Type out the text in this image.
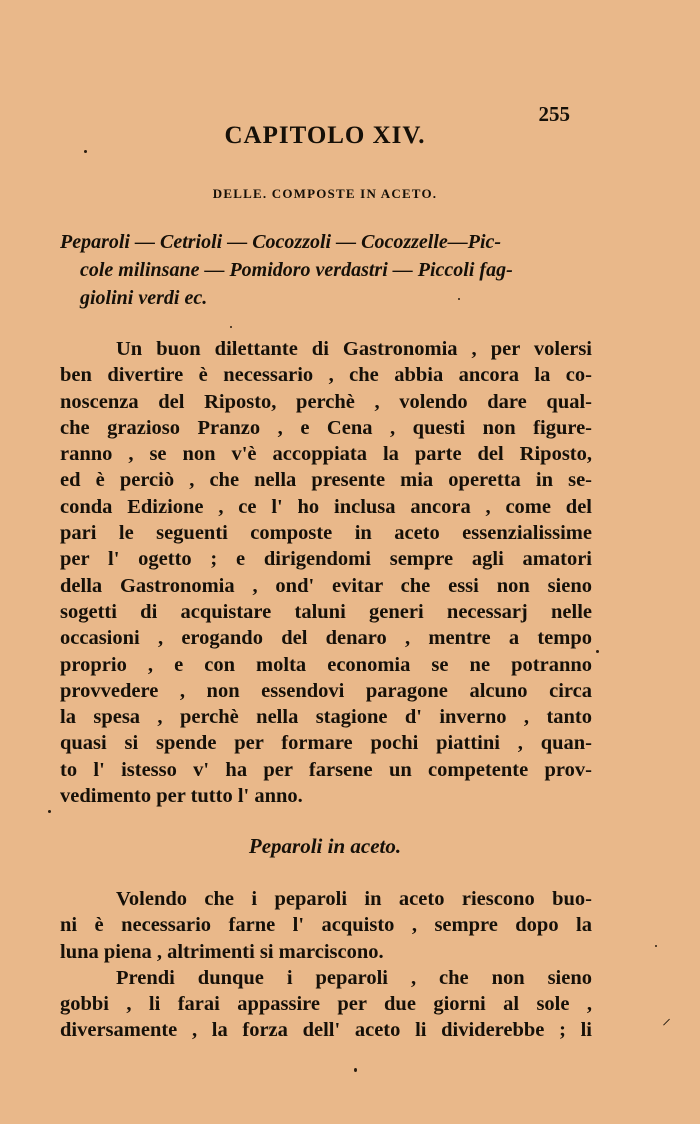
255
CAPITOLO XIV.
DELLE. COMPOSTE IN ACETO.
Peparoli — Cetrioli — Cocozzoli — Cocozzelle—Pic-
cole milinsane — Pomidoro verdastri — Piccoli fag-
giolini verdi ec.
Un buon dilettante di Gastronomia , per volersi
ben divertire è necessario , che abbia ancora la co-
noscenza del Riposto, perchè , volendo dare qual-
che grazioso Pranzo , e Cena , questi non figure-
ranno , se non v'è accoppiata la parte del Riposto,
ed è perciò , che nella presente mia operetta in se-
conda Edizione , ce l' ho inclusa ancora , come del
pari le seguenti composte in aceto essenzialissime
per l' ogetto ; e dirigendomi sempre agli amatori
della Gastronomia , ond' evitar che essi non sieno
sogetti di acquistare taluni generi necessarj nelle
occasioni , erogando del denaro , mentre a tempo
proprio , e con molta economia se ne potranno
provvedere , non essendovi paragone alcuno circa
la spesa , perchè nella stagione d' inverno , tanto
quasi si spende per formare pochi piattini , quan-
to l' istesso v' ha per farsene un competente prov-
vedimento per tutto l' anno.
Peparoli in aceto.
Volendo che i peparoli in aceto riescono buo-
ni è necessario farne l' acquisto , sempre dopo la
luna piena , altrimenti si marciscono.
Prendi dunque i peparoli , che non sieno
gobbi , li farai appassire per due giorni al sole ,
diversamente , la forza dell' aceto li dividerebbe ; li
⸝
